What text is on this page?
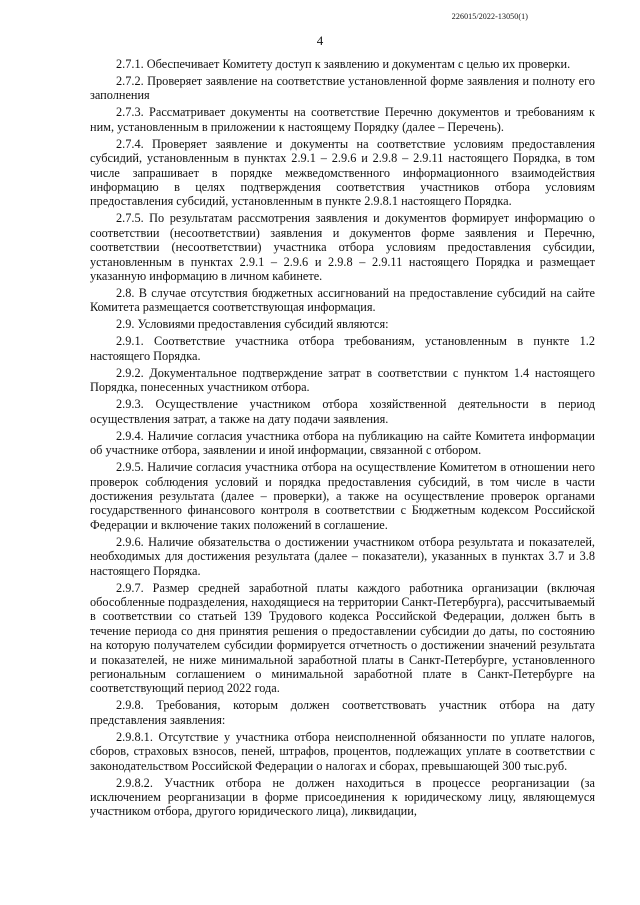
226015/2022-13050(1)
4

2.7.1. Обеспечивает Комитету доступ к заявлению и документам с целью их проверки.

2.7.2. Проверяет заявление на соответствие установленной форме заявления и полноту его заполнения

2.7.3. Рассматривает документы на соответствие Перечню документов и требованиям к ним, установленным в приложении к настоящему Порядку (далее – Перечень).

2.7.4. Проверяет заявление и документы на соответствие условиям предоставления субсидий, установленным в пунктах 2.9.1 – 2.9.6 и 2.9.8 – 2.9.11 настоящего Порядка, в том числе запрашивает в порядке межведомственного информационного взаимодействия информацию в целях подтверждения соответствия участников отбора условиям предоставления субсидий, установленным в пункте 2.9.8.1 настоящего Порядка.

2.7.5. По результатам рассмотрения заявления и документов формирует информацию о соответствии (несоответствии) заявления и документов форме заявления и Перечню, соответствии (несоответствии) участника отбора условиям предоставления субсидии, установленным в пунктах 2.9.1 – 2.9.6 и 2.9.8 – 2.9.11 настоящего Порядка и размещает указанную информацию в личном кабинете.

2.8. В случае отсутствия бюджетных ассигнований на предоставление субсидий на сайте Комитета размещается соответствующая информация.

2.9. Условиями предоставления субсидий являются:

2.9.1. Соответствие участника отбора требованиям, установленным в пункте 1.2 настоящего Порядка.

2.9.2. Документальное подтверждение затрат в соответствии с пунктом 1.4 настоящего Порядка, понесенных участником отбора.

2.9.3. Осуществление участником отбора хозяйственной деятельности в период осуществления затрат, а также на дату подачи заявления.

2.9.4. Наличие согласия участника отбора на публикацию на сайте Комитета информации об участнике отбора, заявлении и иной информации, связанной с отбором.

2.9.5. Наличие согласия участника отбора на осуществление Комитетом в отношении него проверок соблюдения условий и порядка предоставления субсидий, в том числе в части достижения результата (далее – проверки), а также на осуществление проверок органами государственного финансового контроля в соответствии с Бюджетным кодексом Российской Федерации и включение таких положений в соглашение.

2.9.6. Наличие обязательства о достижении участником отбора результата и показателей, необходимых для достижения результата (далее – показатели), указанных в пунктах 3.7 и 3.8 настоящего Порядка.

2.9.7. Размер средней заработной платы каждого работника организации (включая обособленные подразделения, находящиеся на территории Санкт-Петербурга), рассчитываемый в соответствии со статьей 139 Трудового кодекса Российской Федерации, должен быть в течение периода со дня принятия решения о предоставлении субсидии до даты, по состоянию на которую получателем субсидии формируется отчетность о достижении значений результата и показателей, не ниже минимальной заработной платы в Санкт-Петербурге, установленного региональным соглашением о минимальной заработной плате в Санкт-Петербурге на соответствующий период 2022 года.

2.9.8. Требования, которым должен соответствовать участник отбора на дату представления заявления:

2.9.8.1. Отсутствие у участника отбора неисполненной обязанности по уплате налогов, сборов, страховых взносов, пеней, штрафов, процентов, подлежащих уплате в соответствии с законодательством Российской Федерации о налогах и сборах, превышающей 300 тыс.руб.

2.9.8.2. Участник отбора не должен находиться в процессе реорганизации (за исключением реорганизации в форме присоединения к юридическому лицу, являющемуся участником отбора, другого юридического лица), ликвидации,
